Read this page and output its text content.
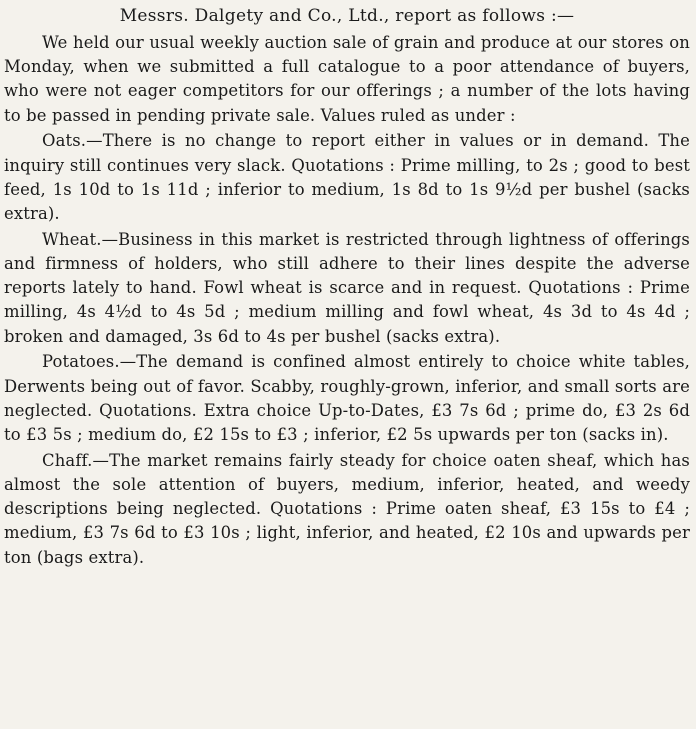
Messrs. Dalgety and Co., Ltd., report as follows :—

We held our usual weekly auction sale of grain and produce at our stores on Monday, when we submitted a full catalogue to a poor attendance of buyers, who were not eager competitors for our offerings ; a number of the lots having to be passed in pending private sale. Values ruled as under :

Oats.—There is no change to report either in values or in demand. The inquiry still continues very slack. Quotations : Prime milling, to 2s ; good to best feed, 1s 10d to 1s 11d ; inferior to medium, 1s 8d to 1s 9½d per bushel (sacks extra).

Wheat.—Business in this market is restricted through lightness of offerings and firmness of holders, who still adhere to their lines despite the adverse reports lately to hand. Fowl wheat is scarce and in request. Quotations : Prime milling, 4s 4½d to 4s 5d ; medium milling and fowl wheat, 4s 3d to 4s 4d ; broken and damaged, 3s 6d to 4s per bushel (sacks extra).

Potatoes.—The demand is confined almost entirely to choice white tables, Derwents being out of favor. Scabby, roughly-grown, inferior, and small sorts are neglected. Quotations. Extra choice Up-to-Dates, £3 7s 6d ; prime do, £3 2s 6d to £3 5s ; medium do, £2 15s to £3 ; inferior, £2 5s upwards per ton (sacks in).

Chaff.—The market remains fairly steady for choice oaten sheaf, which has almost the sole attention of buyers, medium, inferior, heated, and weedy descriptions being neglected. Quotations : Prime oaten sheaf, £3 15s to £4 ; medium, £3 7s 6d to £3 10s ; light, inferior, and heated, £2 10s and upwards per ton (bags extra).
